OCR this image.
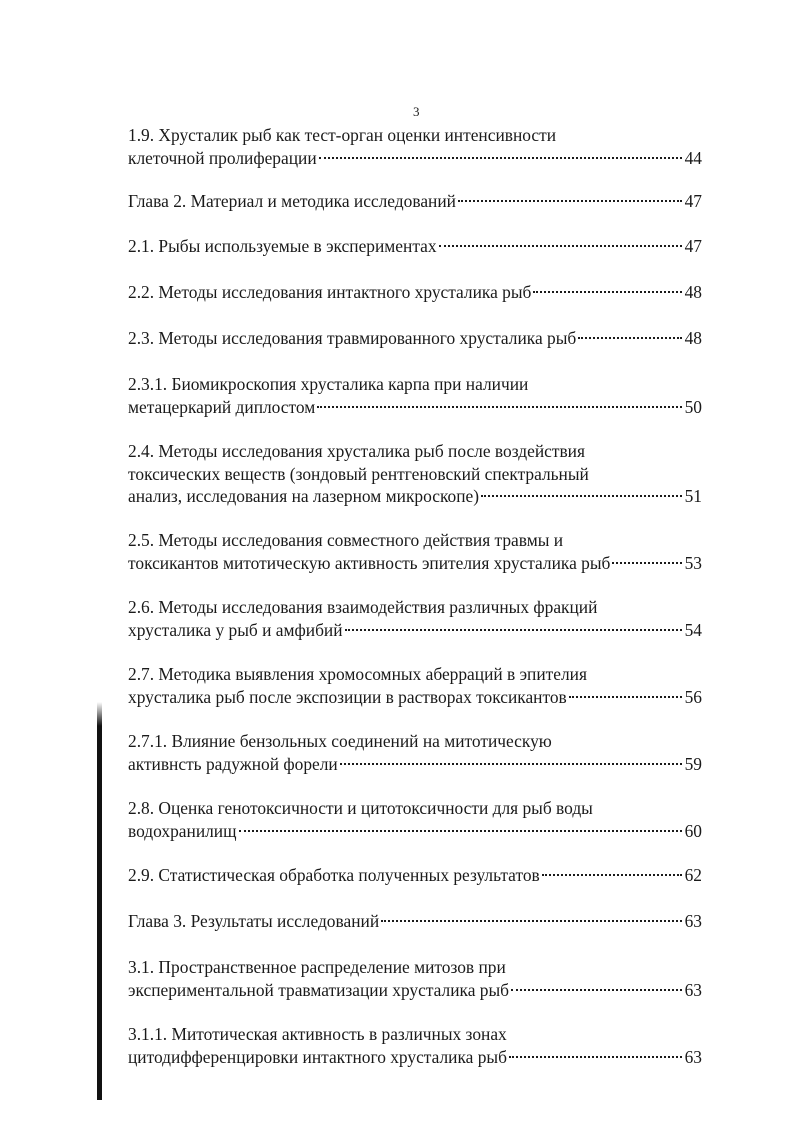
3
1.9. Хрусталик рыб как тест-орган оценки интенсивности
клеточной пролиферации	44
Глава 2. Материал и методика исследований	47
2.1. Рыбы используемые в экспериментах	47
2.2. Методы исследования интактного хрусталика рыб	48
2.3. Методы исследования травмированного хрусталика рыб	48
2.3.1. Биомикроскопия хрусталика карпа при наличии
метацеркарий диплостом	50
2.4. Методы исследования хрусталика рыб после воздействия
токсических веществ (зондовый рентгеновский спектральный
анализ, исследования на лазерном микроскопе)	51
2.5. Методы исследования совместного действия травмы и
токсикантов митотическую активность эпителия хрусталика рыб	53
2.6. Методы исследования взаимодействия различных фракций
хрусталика у рыб и амфибий	54
2.7. Методика выявления хромосомных аберраций в эпителия
хрусталика рыб после экспозиции в растворах токсикантов	56
2.7.1. Влияние бензольных соединений на митотическую
активнсть радужной форели	59
2.8. Оценка генотоксичности и цитотоксичности для рыб воды
водохранилищ	60
2.9. Статистическая обработка полученных результатов	62
Глава 3. Результаты исследований	63
3.1. Пространственное распределение митозов при
экспериментальной травматизации хрусталика рыб	63
3.1.1. Митотическая активность в различных зонах
цитодифференцировки интактного хрусталика рыб	63
